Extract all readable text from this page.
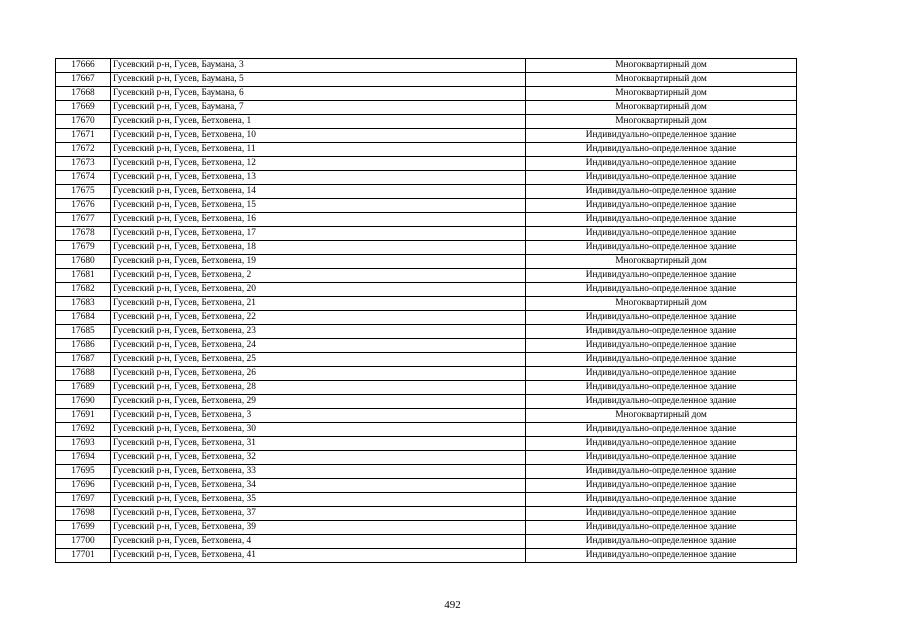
17666	Гусевский р-н, Гусев, Баумана, 3	Многоквартирный дом
17667	Гусевский р-н, Гусев, Баумана, 5	Многоквартирный дом
17668	Гусевский р-н, Гусев, Баумана, 6	Многоквартирный дом
17669	Гусевский р-н, Гусев, Баумана, 7	Многоквартирный дом
17670	Гусевский р-н, Гусев, Бетховена, 1	Многоквартирный дом
17671	Гусевский р-н, Гусев, Бетховена, 10	Индивидуально-определенное здание
17672	Гусевский р-н, Гусев, Бетховена, 11	Индивидуально-определенное здание
17673	Гусевский р-н, Гусев, Бетховена, 12	Индивидуально-определенное здание
17674	Гусевский р-н, Гусев, Бетховена, 13	Индивидуально-определенное здание
17675	Гусевский р-н, Гусев, Бетховена, 14	Индивидуально-определенное здание
17676	Гусевский р-н, Гусев, Бетховена, 15	Индивидуально-определенное здание
17677	Гусевский р-н, Гусев, Бетховена, 16	Индивидуально-определенное здание
17678	Гусевский р-н, Гусев, Бетховена, 17	Индивидуально-определенное здание
17679	Гусевский р-н, Гусев, Бетховена, 18	Индивидуально-определенное здание
17680	Гусевский р-н, Гусев, Бетховена, 19	Многоквартирный дом
17681	Гусевский р-н, Гусев, Бетховена, 2	Индивидуально-определенное здание
17682	Гусевский р-н, Гусев, Бетховена, 20	Индивидуально-определенное здание
17683	Гусевский р-н, Гусев, Бетховена, 21	Многоквартирный дом
17684	Гусевский р-н, Гусев, Бетховена, 22	Индивидуально-определенное здание
17685	Гусевский р-н, Гусев, Бетховена, 23	Индивидуально-определенное здание
17686	Гусевский р-н, Гусев, Бетховена, 24	Индивидуально-определенное здание
17687	Гусевский р-н, Гусев, Бетховена, 25	Индивидуально-определенное здание
17688	Гусевский р-н, Гусев, Бетховена, 26	Индивидуально-определенное здание
17689	Гусевский р-н, Гусев, Бетховена, 28	Индивидуально-определенное здание
17690	Гусевский р-н, Гусев, Бетховена, 29	Индивидуально-определенное здание
17691	Гусевский р-н, Гусев, Бетховена, 3	Многоквартирный дом
17692	Гусевский р-н, Гусев, Бетховена, 30	Индивидуально-определенное здание
17693	Гусевский р-н, Гусев, Бетховена, 31	Индивидуально-определенное здание
17694	Гусевский р-н, Гусев, Бетховена, 32	Индивидуально-определенное здание
17695	Гусевский р-н, Гусев, Бетховена, 33	Индивидуально-определенное здание
17696	Гусевский р-н, Гусев, Бетховена, 34	Индивидуально-определенное здание
17697	Гусевский р-н, Гусев, Бетховена, 35	Индивидуально-определенное здание
17698	Гусевский р-н, Гусев, Бетховена, 37	Индивидуально-определенное здание
17699	Гусевский р-н, Гусев, Бетховена, 39	Индивидуально-определенное здание
17700	Гусевский р-н, Гусев, Бетховена, 4	Индивидуально-определенное здание
17701	Гусевский р-н, Гусев, Бетховена, 41	Индивидуально-определенное здание
492
